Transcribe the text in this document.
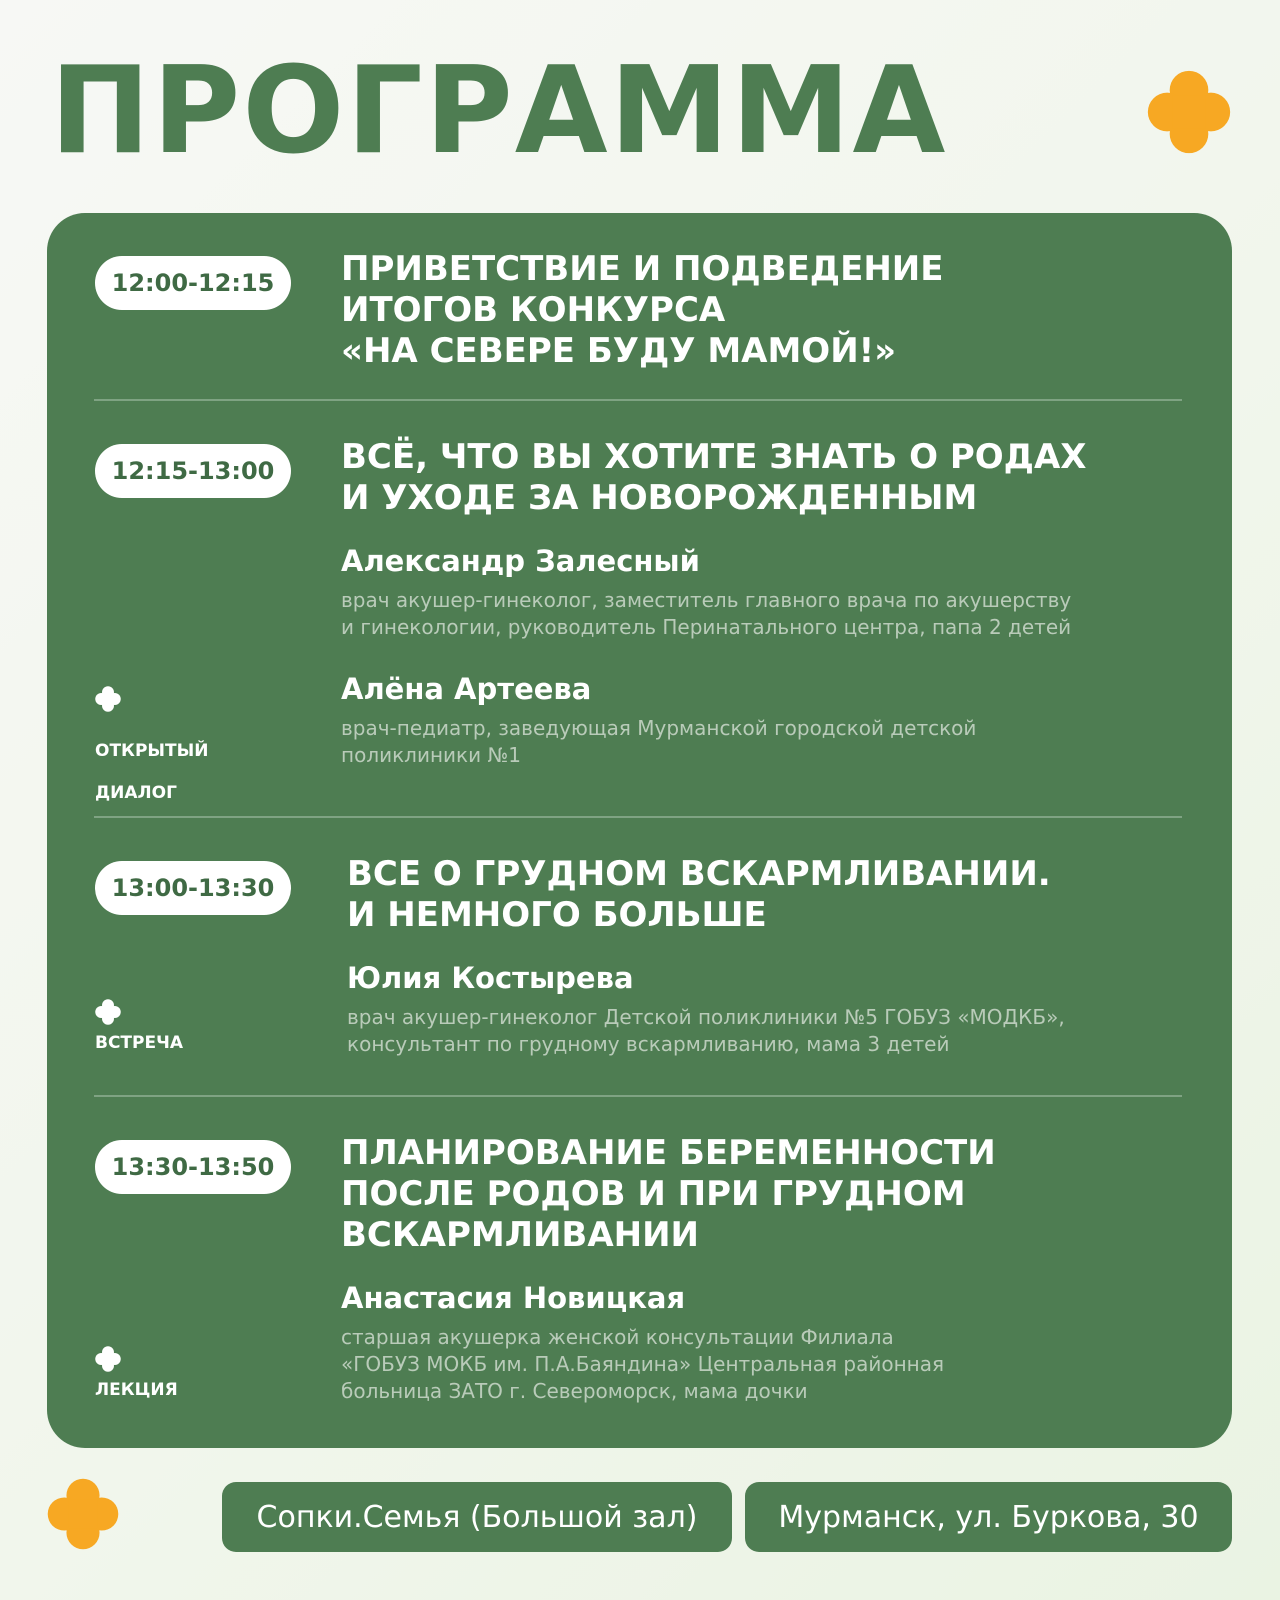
ПРОГРАММА
12:00-12:15	ПРИВЕТСТВИЕ И ПОДВЕДЕНИЕ
ИТОГОВ КОНКУРСА
«НА СЕВЕРЕ БУДУ МАМОЙ!»
12:15-13:00	ВСЁ, ЧТО ВЫ ХОТИТЕ ЗНАТЬ О РОДАХ
И УХОДЕ ЗА НОВОРОЖДЕННЫМ

Александр Залесный

врач акушер-гинеколог, заместитель главного врача по акушерству
и гинекологии, руководитель Перинатального центра, папа 2 детей

Алёна Артеева

врач-педиатр, заведующая Мурманской городской детской
поликлиники №1

ОТКРЫТЫЙ

ДИАЛОГ

13:00-13:30	ВСЕ О ГРУДНОМ ВСКАРМЛИВАНИИ.
И НЕМНОГО БОЛЬШЕ

Юлия Костырева

врач акушер-гинеколог Детской поликлиники №5 ГОБУЗ «МОДКБ»,
консультант по грудному вскармливанию, мама 3 детей

ВСТРЕЧА
13:30-13:50	ПЛАНИРОВАНИЕ БЕРЕМЕННОСТИ
ПОСЛЕ РОДОВ И ПРИ ГРУДНОМ
ВСКАРМЛИВАНИИ

Анастасия Новицкая

старшая акушерка женской консультации Филиала
«ГОБУЗ МОКБ им. П.А.Баяндина» Центральная районная
больница ЗАТО г. Североморск, мама дочки

ЛЕКЦИЯ
Сопки.Семья (Большой зал)	Мурманск, ул. Буркова, 30
